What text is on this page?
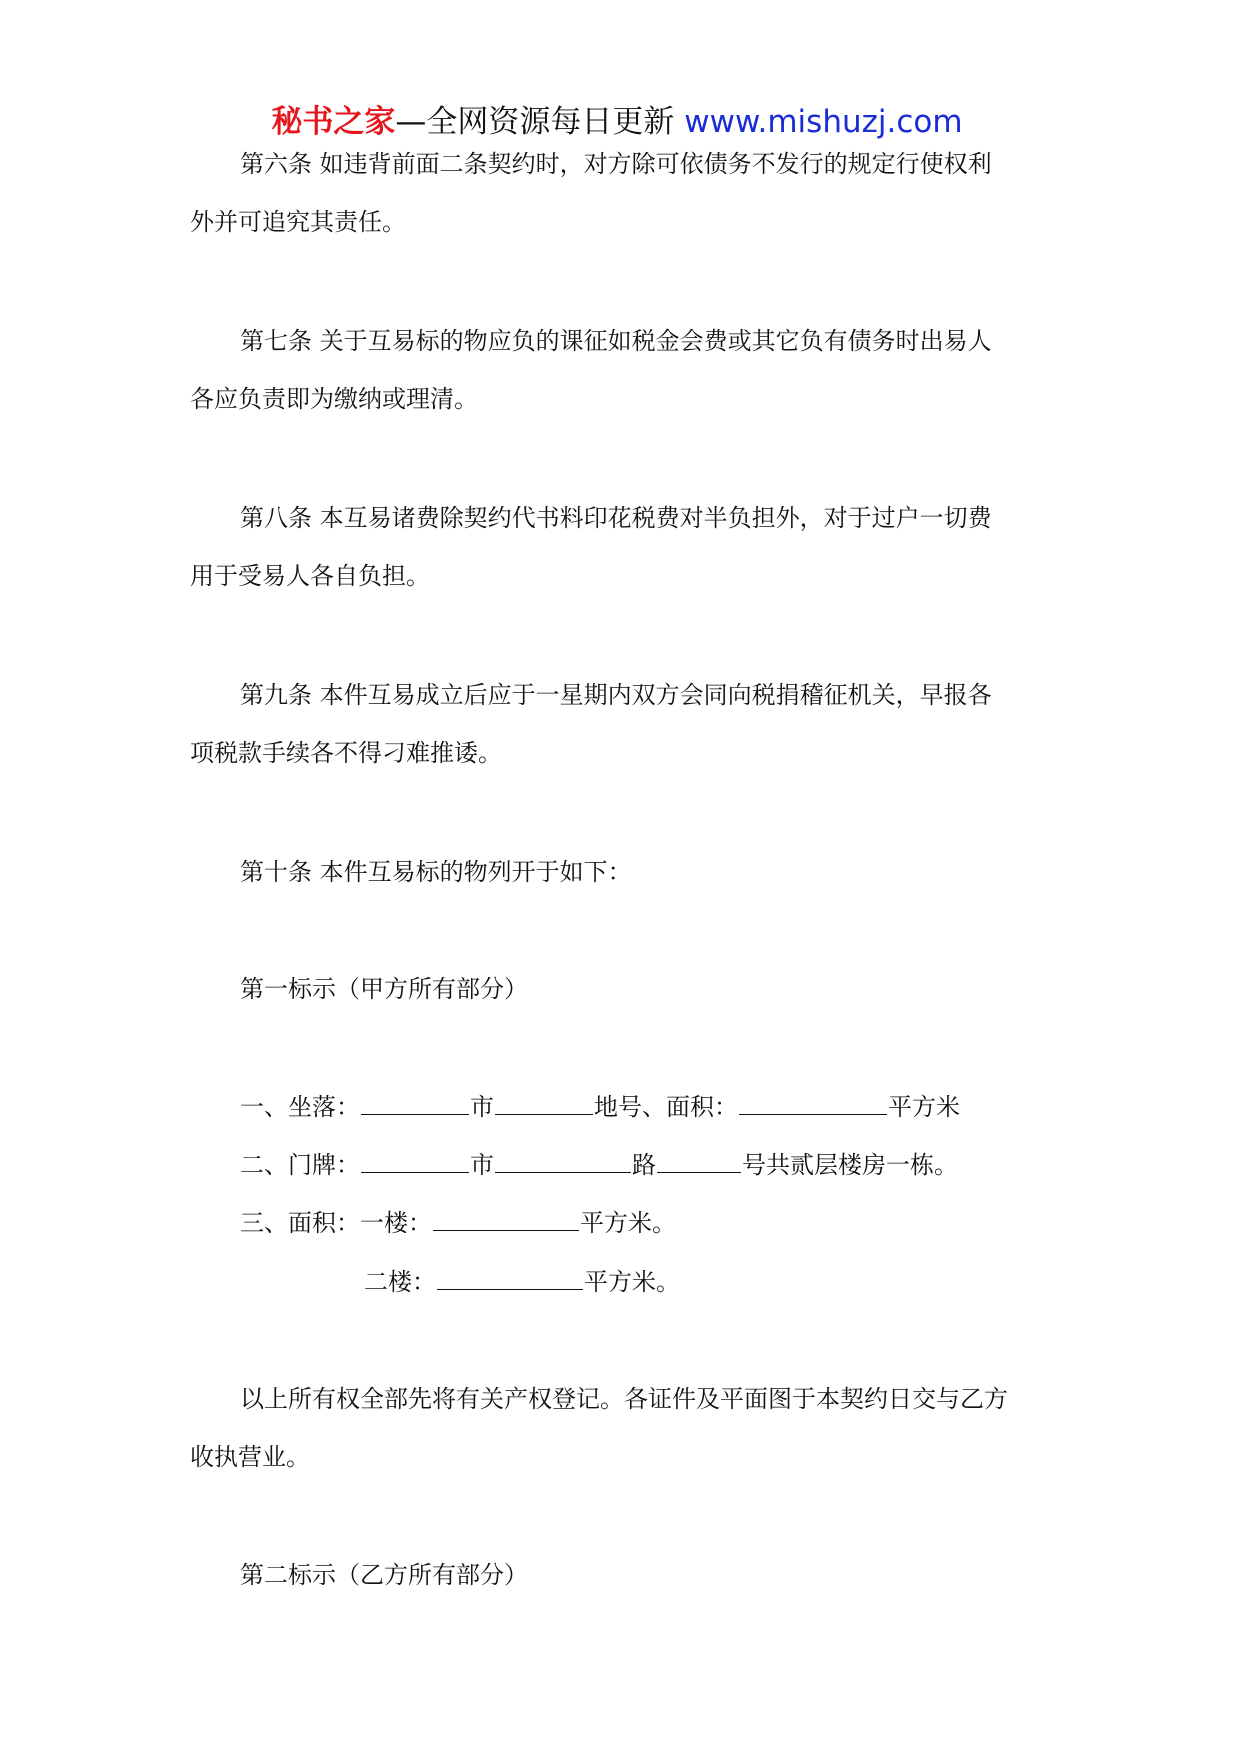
秘书之家—全网资源每日更新 www.mishuzj.com
第六条 如违背前面二条契约时，对方除可依债务不发行的规定行使权利
外并可追究其责任。
第七条 关于互易标的物应负的课征如税金会费或其它负有债务时出易人
各应负责即为缴纳或理清。
第八条 本互易诸费除契约代书料印花税费对半负担外，对于过户一切费
用于受易人各自负担。
第九条 本件互易成立后应于一星期内双方会同向税捐稽征机关，早报各
项税款手续各不得刁难推诿。
第十条 本件互易标的物列开于如下：
第一标示（甲方所有部分）
一、坐落：	市	地号、面积：	平方米
二、门牌：	市	路	号共贰层楼房一栋。
三、面积：一楼：	平方米。
二楼：	平方米。
以上所有权全部先将有关产权登记。各证件及平面图于本契约日交与乙方
收执营业。
第二标示（乙方所有部分）
